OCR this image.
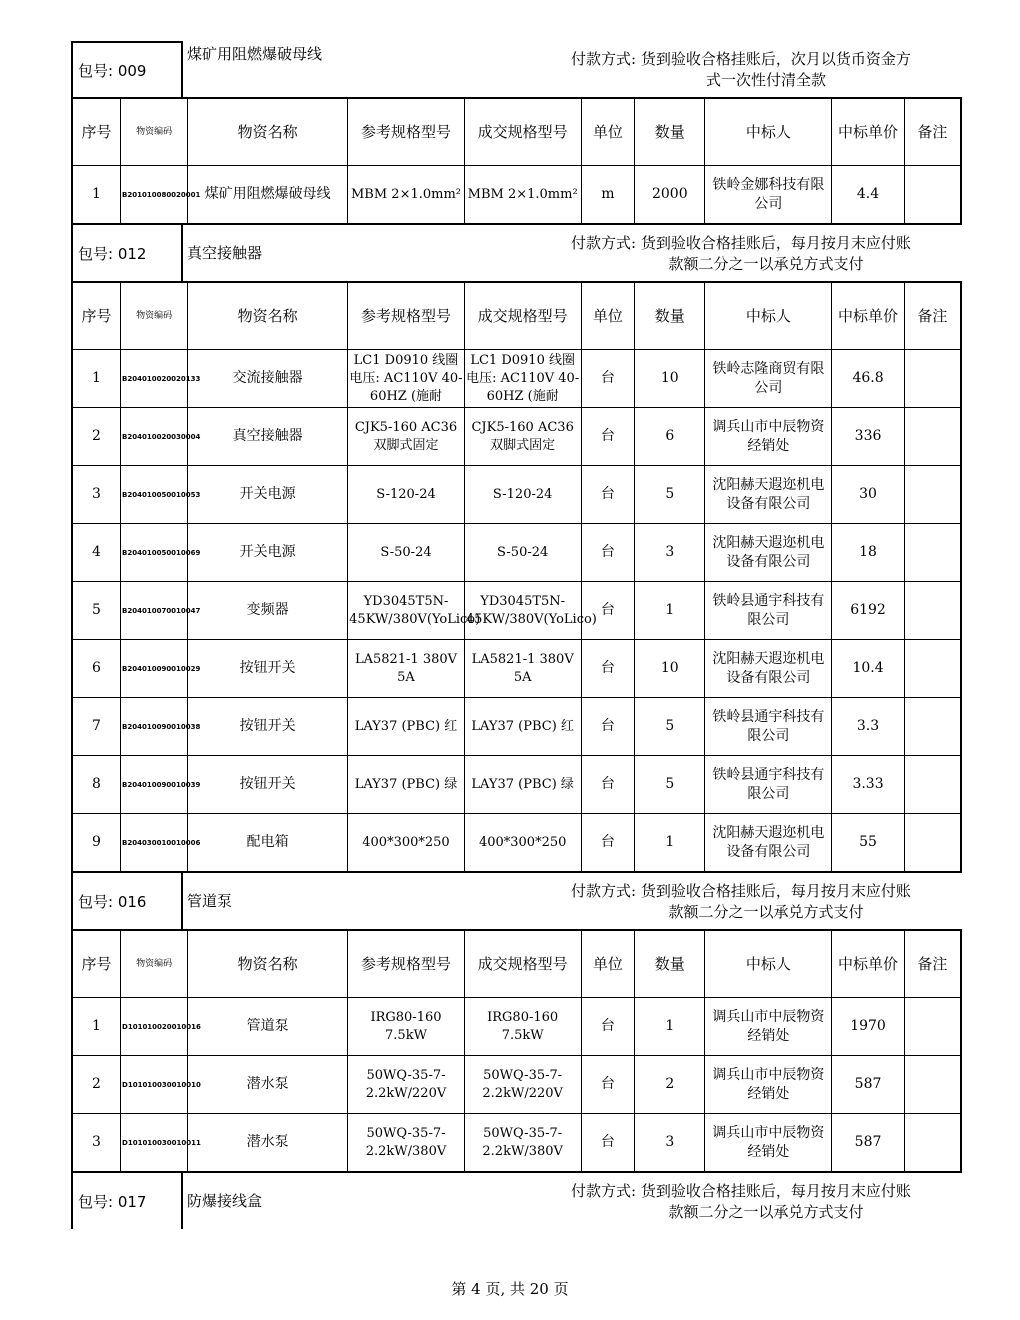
包号: 009
煤矿用阻燃爆破母线	付款方式: 货到验收合格挂账后，次月以货币资金方
式一次性付清全款
序号	物资编码	物资名称	参考规格型号	成交规格型号	单位	数量	中标人	中标单价	备注
1	B201010080020001	煤矿用阻燃爆破母线	MBM 2×1.0mm²	MBM 2×1.0mm²	m	2000	铁岭金娜科技有限公司	4.4	
包号: 012	真空接触器
付款方式: 货到验收合格挂账后，每月按月末应付账
款额二分之一以承兑方式支付
序号	物资编码	物资名称	参考规格型号	成交规格型号	单位	数量	中标人	中标单价	备注
1	B204010020020133	交流接触器	LC1 D0910 线圈电压: AC110V 40-60HZ (施耐	LC1 D0910 线圈电压: AC110V 40-60HZ (施耐	台	10	铁岭志隆商贸有限公司	46.8	
2	B204010020030004	真空接触器	CJK5-160 AC36 双脚式固定	CJK5-160 AC36 双脚式固定	台	6	调兵山市中辰物资经销处	336	
3	B204010050010053	开关电源	S-120-24	S-120-24	台	5	沈阳赫天遐迩机电设备有限公司	30	
4	B204010050010069	开关电源	S-50-24	S-50-24	台	3	沈阳赫天遐迩机电设备有限公司	18	
5	B204010070010047	变频器	YD3045T5N-45KW/380V(YoLico)	YD3045T5N-45KW/380V(YoLico)	台	1	铁岭县通宇科技有限公司	6192	
6	B204010090010029	按钮开关	LA5821-1 380V 5A	LA5821-1 380V 5A	台	10	沈阳赫天遐迩机电设备有限公司	10.4	
7	B204010090010038	按钮开关	LAY37 (PBC) 红	LAY37 (PBC) 红	台	5	铁岭县通宇科技有限公司	3.3	
8	B204010090010039	按钮开关	LAY37 (PBC) 绿	LAY37 (PBC) 绿	台	5	铁岭县通宇科技有限公司	3.33	
9	B204030010010006	配电箱	400*300*250	400*300*250	台	1	沈阳赫天遐迩机电设备有限公司	55	
包号: 016	管道泵
付款方式: 货到验收合格挂账后，每月按月末应付账
款额二分之一以承兑方式支付
序号	物资编码	物资名称	参考规格型号	成交规格型号	单位	数量	中标人	中标单价	备注
1	D101010020010016	管道泵	IRG80-160 7.5kW	IRG80-160 7.5kW	台	1	调兵山市中辰物资经销处	1970	
2	D101010030010010	潜水泵	50WQ-35-7-2.2kW/220V	50WQ-35-7-2.2kW/220V	台	2	调兵山市中辰物资经销处	587	
3	D101010030010011	潜水泵	50WQ-35-7-2.2kW/380V	50WQ-35-7-2.2kW/380V	台	3	调兵山市中辰物资经销处	587	
包号: 017	防爆接线盒
付款方式: 货到验收合格挂账后，每月按月末应付账
款额二分之一以承兑方式支付
第 4 页, 共 20 页
